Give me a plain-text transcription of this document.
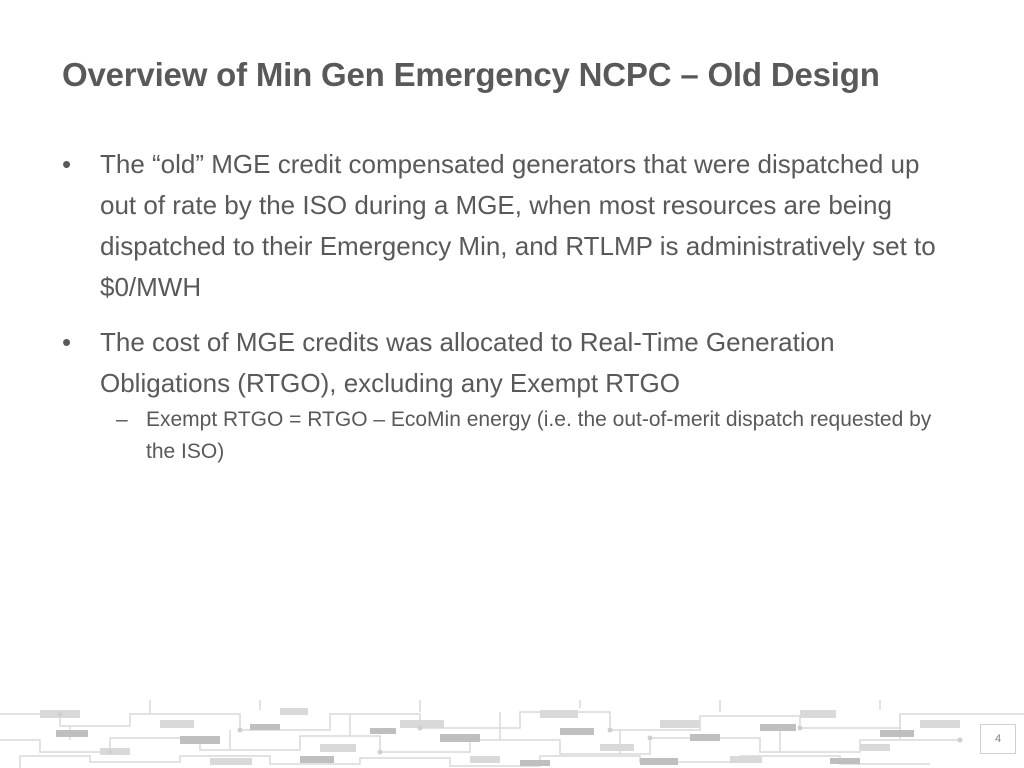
Overview of Min Gen Emergency NCPC – Old Design
•	The “old” MGE credit compensated generators that were dispatched up out of rate by the ISO during a MGE, when most resources are being dispatched to their Emergency Min, and RTLMP is administratively set to $0/MWH
•	The cost of MGE credits was allocated to Real-Time Generation Obligations (RTGO), excluding any Exempt RTGO
– Exempt RTGO = RTGO – EcoMin energy (i.e. the out-of-merit dispatch requested by the ISO)
4
